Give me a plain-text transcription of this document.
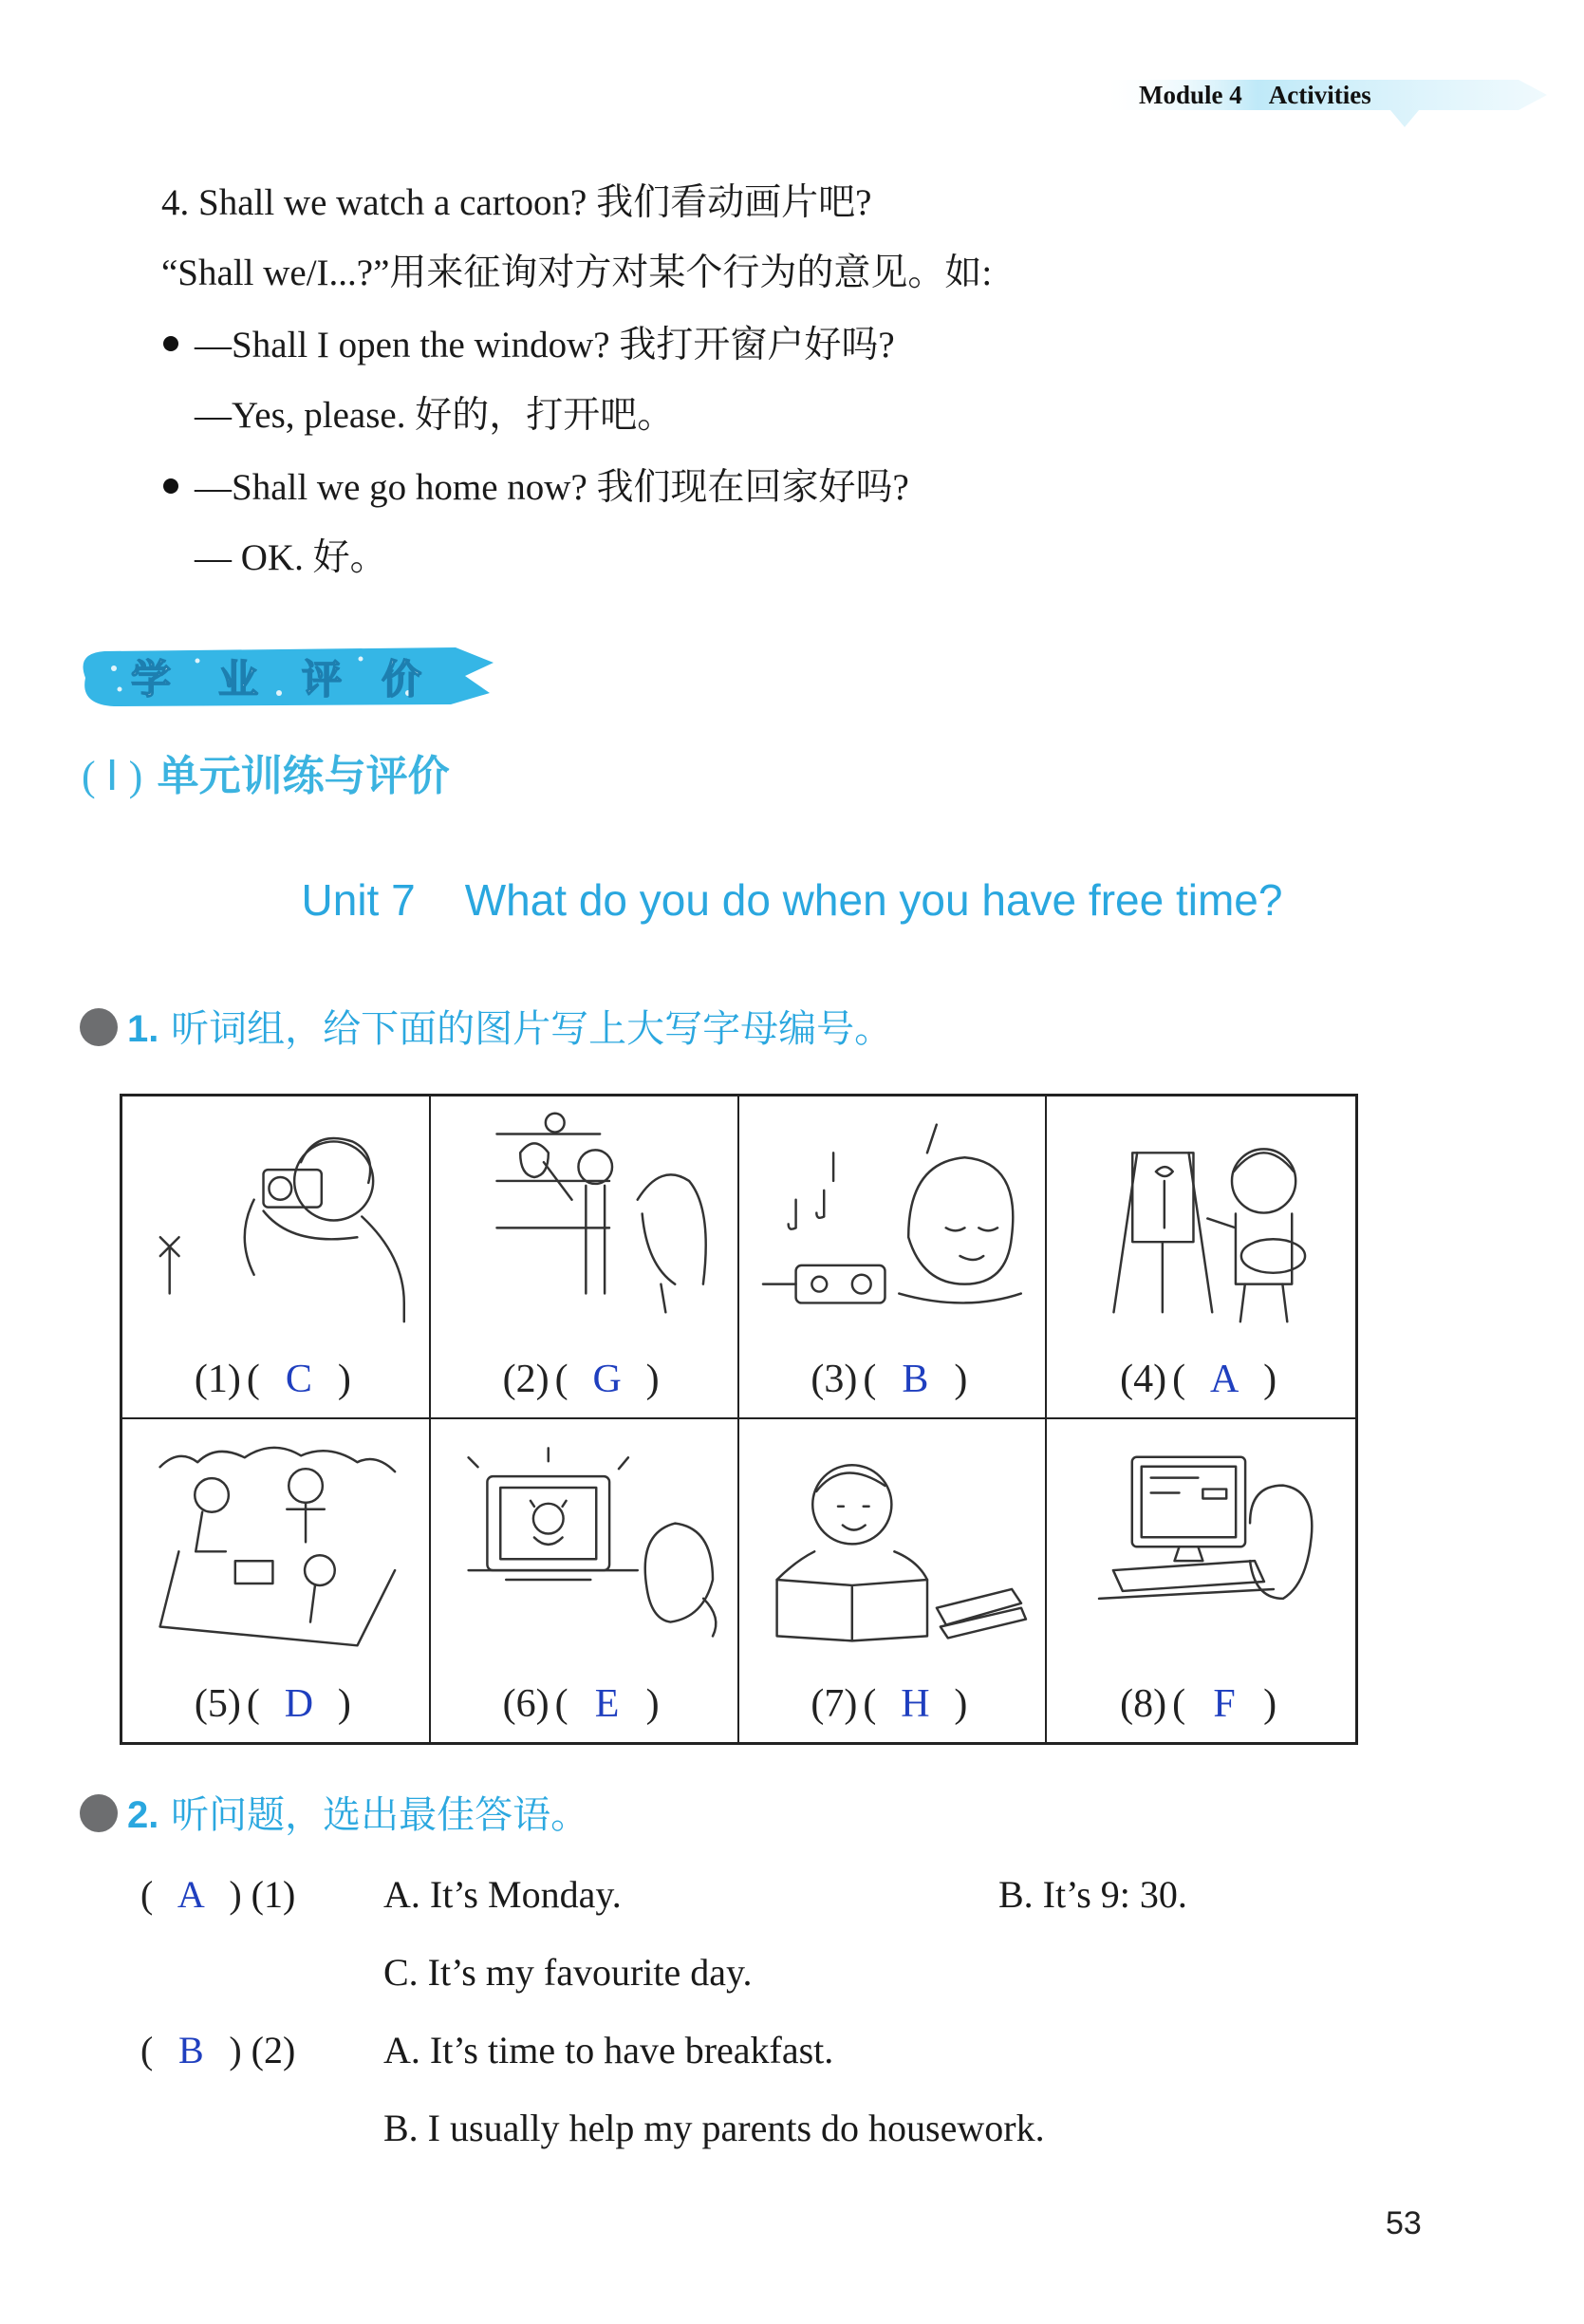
Module 4 Activities
4. Shall we watch a cartoon? 我们看动画片吧?
“Shall we/I...?”用来征询对方对某个行为的意见。如:
—Shall I open the window? 我打开窗户好吗?
—Yes, please. 好的，打开吧。
—Shall we go home now? 我们现在回家好吗?
— OK. 好。
学 业 评 价
( Ⅰ ) 单元训练与评价
Unit 7 What do you do when you have free time?
1. 听词组，给下面的图片写上大写字母编号。
(1) ( C )	(2) ( G )	(3) ( B )	(4) ( A )
(5) ( D )	(6) ( E )	(7) ( H )	(8) ( F )
2. 听问题，选出最佳答语。
( A ) (1) A. It’s Monday.	B. It’s 9: 30.
C. It’s my favourite day.
( B ) (2) A. It’s time to have breakfast.
B. I usually help my parents do housework.
53
